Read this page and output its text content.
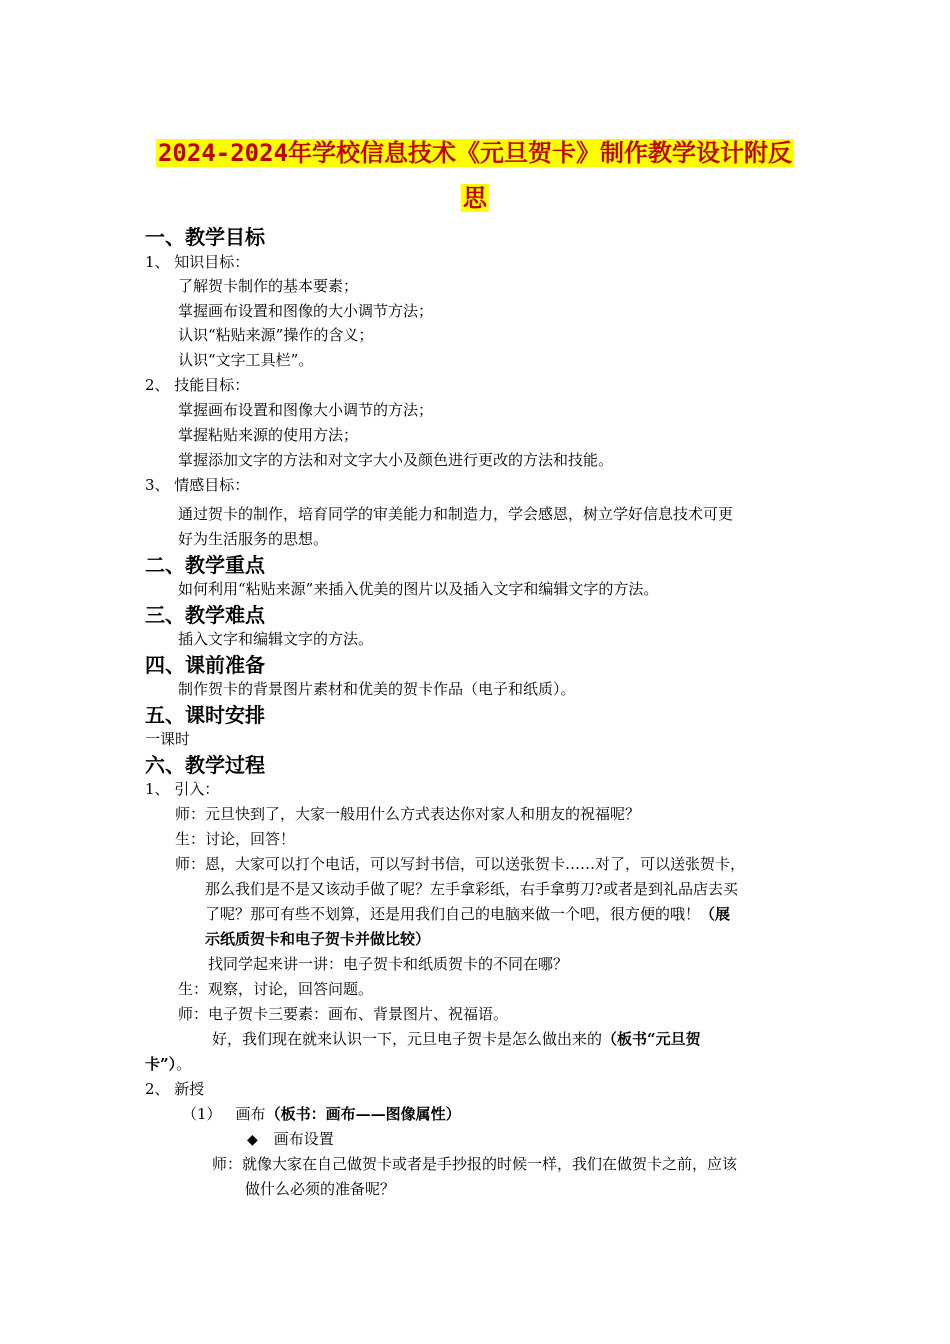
2024-2024年学校信息技术《元旦贺卡》制作教学设计附反
思
一、教学目标
1、 知识目标：
了解贺卡制作的基本要素；
掌握画布设置和图像的大小调节方法；
认识“粘贴来源”操作的含义；
认识“文字工具栏”。
2、 技能目标：
掌握画布设置和图像大小调节的方法；
掌握粘贴来源的使用方法；
掌握添加文字的方法和对文字大小及颜色进行更改的方法和技能。
3、 情感目标：
通过贺卡的制作，培育同学的审美能力和制造力，学会感恩，树立学好信息技术可更
好为生活服务的思想。
二、教学重点
如何利用“粘贴来源”来插入优美的图片以及插入文字和编辑文字的方法。
三、教学难点
插入文字和编辑文字的方法。
四、课前准备
制作贺卡的背景图片素材和优美的贺卡作品（电子和纸质）。
五、课时安排
一课时
六、教学过程
1、 引入：
师：元旦快到了，大家一般用什么方式表达你对家人和朋友的祝福呢？
生：讨论，回答！
师：恩，大家可以打个电话，可以写封书信，可以送张贺卡……对了，可以送张贺卡，
那么我们是不是又该动手做了呢？左手拿彩纸，右手拿剪刀?或者是到礼品店去买
了呢？那可有些不划算，还是用我们自己的电脑来做一个吧，很方便的哦！（展
示纸质贺卡和电子贺卡并做比较）
找同学起来讲一讲：电子贺卡和纸质贺卡的不同在哪？
生：观察，讨论，回答问题。
师：电子贺卡三要素：画布、背景图片、祝福语。
好，我们现在就来认识一下，元旦电子贺卡是怎么做出来的（板书“元旦贺
卡”）。
2、 新授
（1） 画布（板书：画布——图像属性）
◆ 画布设置
师：就像大家在自己做贺卡或者是手抄报的时候一样，我们在做贺卡之前，应该
做什么必须的准备呢？
